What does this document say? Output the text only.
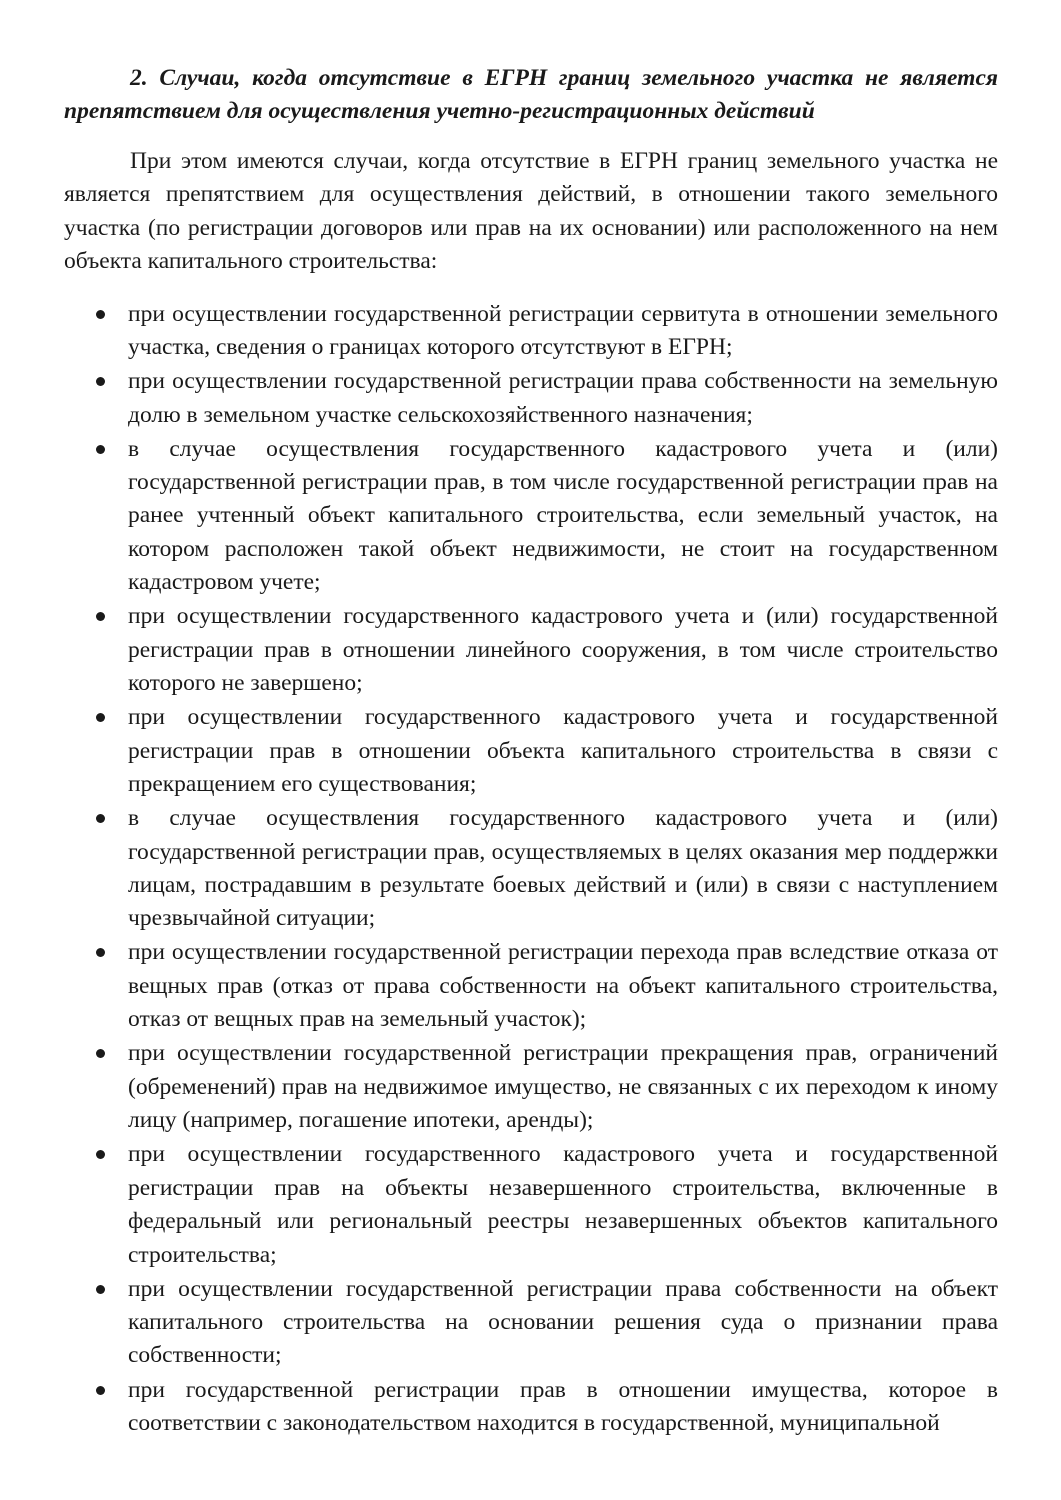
2. Случаи, когда отсутствие в ЕГРН границ земельного участка не является препятствием для осуществления учетно-регистрационных действий

При этом имеются случаи, когда отсутствие в ЕГРН границ земельного участка не является препятствием для осуществления действий, в отношении такого земельного участка (по регистрации договоров или прав на их основании) или расположенного на нем объекта капитального строительства:

при осуществлении государственной регистрации сервитута в отношении земельного участка, сведения о границах которого отсутствуют в ЕГРН;
при осуществлении государственной регистрации права собственности на земельную долю в земельном участке сельскохозяйственного назначения;
в случае осуществления государственного кадастрового учета и (или) государственной регистрации прав, в том числе государственной регистрации прав на ранее учтенный объект капитального строительства, если земельный участок, на котором расположен такой объект недвижимости, не стоит на государственном кадастровом учете;
при осуществлении государственного кадастрового учета и (или) государственной регистрации прав в отношении линейного сооружения, в том числе строительство которого не завершено;
при осуществлении государственного кадастрового учета и государственной регистрации прав в отношении объекта капитального строительства в связи с прекращением его существования;
в случае осуществления государственного кадастрового учета и (или) государственной регистрации прав, осуществляемых в целях оказания мер поддержки лицам, пострадавшим в результате боевых действий и (или) в связи с наступлением чрезвычайной ситуации;
при осуществлении государственной регистрации перехода прав вследствие отказа от вещных прав (отказ от права собственности на объект капитального строительства, отказ от вещных прав на земельный участок);
при осуществлении государственной регистрации прекращения прав, ограничений (обременений) прав на недвижимое имущество, не связанных с их переходом к иному лицу (например, погашение ипотеки, аренды);
при осуществлении государственного кадастрового учета и государственной регистрации прав на объекты незавершенного строительства, включенные в федеральный или региональный реестры незавершенных объектов капитального строительства;
при осуществлении государственной регистрации права собственности на объект капитального строительства на основании решения суда о признании права собственности;
при государственной регистрации прав в отношении имущества, которое в соответствии с законодательством находится в государственной, муниципальной
